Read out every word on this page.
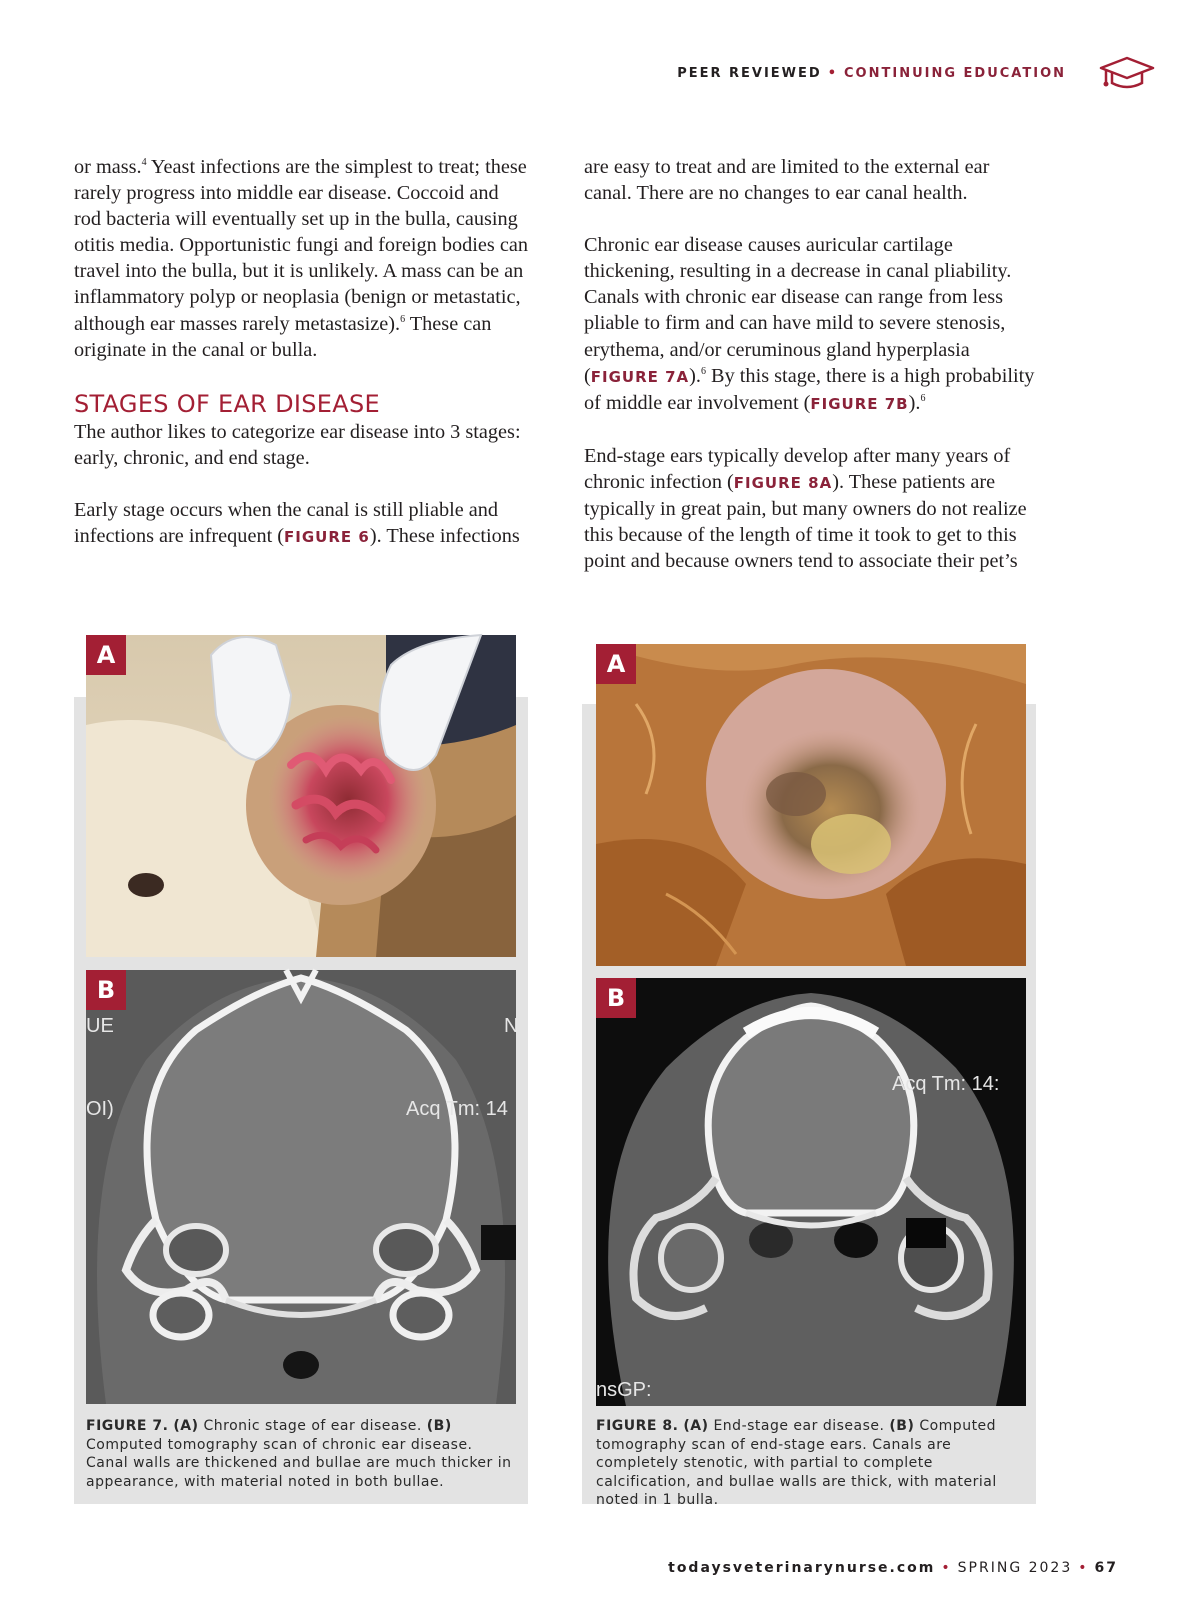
PEER REVIEWED • CONTINUING EDUCATION

or mass.$^4$ Yeast infections are the simplest to treat; these rarely progress into middle ear disease. Coccoid and rod bacteria will eventually set up in the bulla, causing otitis media. Opportunistic fungi and foreign bodies can travel into the bulla, but it is unlikely. A mass can be an inflammatory polyp or neoplasia (benign or metastatic, although ear masses rarely metastasize).$^6$ These can originate in the canal or bulla.

STAGES OF EAR DISEASE

The author likes to categorize ear disease into 3 stages: early, chronic, and end stage.

Early stage occurs when the canal is still pliable and infections are infrequent (FIGURE 6). These infections

are easy to treat and are limited to the external ear canal. There are no changes to ear canal health.

Chronic ear disease causes auricular cartilage thickening, resulting in a decrease in canal pliability. Canals with chronic ear disease can range from less pliable to firm and can have mild to severe stenosis, erythema, and/or ceruminous gland hyperplasia (FIGURE 7A).$^6$ By this stage, there is a high probability of middle ear involvement (FIGURE 7B).$^6$

End-stage ears typically develop after many years of chronic infection (FIGURE 8A). These patients are typically in great pain, but many owners do not realize this because of the length of time it took to get to this point and because owners tend to associate their pet’s

A
UE
OI)	Acq Tm: 14
N
B
FIGURE 7. (A) Chronic stage of ear disease. (B) Computed tomography scan of chronic ear disease. Canal walls are thickened and bullae are much thicker in appearance, with material noted in both bullae.
A
Acq Tm: 14:
nsGP:
B
FIGURE 8. (A) End-stage ear disease. (B) Computed tomography scan of end-stage ears. Canals are completely stenotic, with partial to complete calcification, and bullae walls are thick, with material noted in 1 bulla.
todaysveterinarynurse.com • SPRING 2023 • 67
